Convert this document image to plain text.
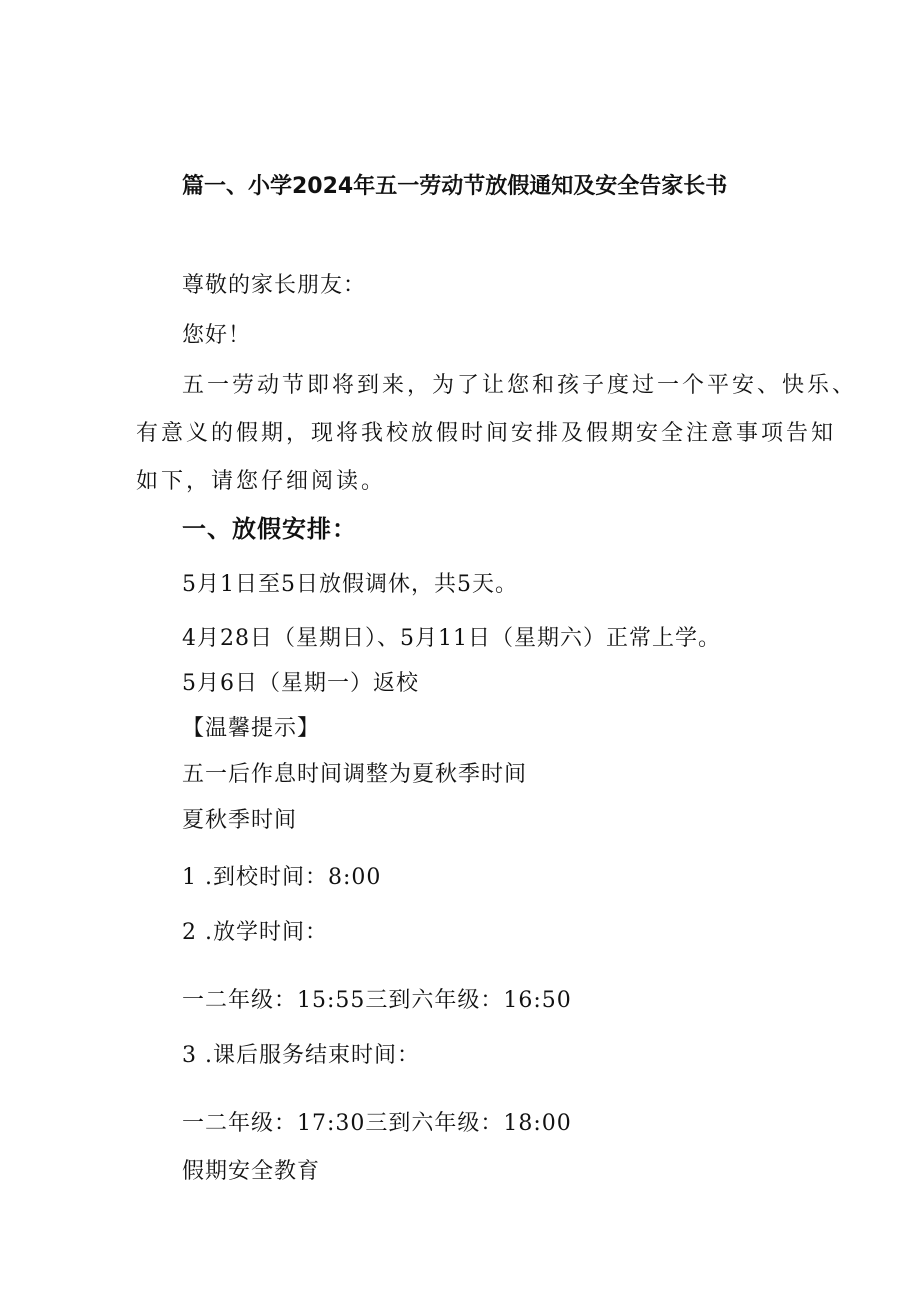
篇一、小学2024年五一劳动节放假通知及安全告家长书
尊敬的家长朋友：
您好！
五一劳动节即将到来，为了让您和孩子度过一个平安、快乐、
有意义的假期，现将我校放假时间安排及假期安全注意事项告知
如下，请您仔细阅读。
一、放假安排：
5月1日至5日放假调休，共5天。
4月28日（星期日）、5月11日（星期六）正常上学。
5月6日（星期一）返校
【温馨提示】
五一后作息时间调整为夏秋季时间
夏秋季时间
1 .到校时间：8:00
2 .放学时间：
一二年级：15:55三到六年级：16:50
3 .课后服务结束时间：
一二年级：17:30三到六年级：18:00
假期安全教育
